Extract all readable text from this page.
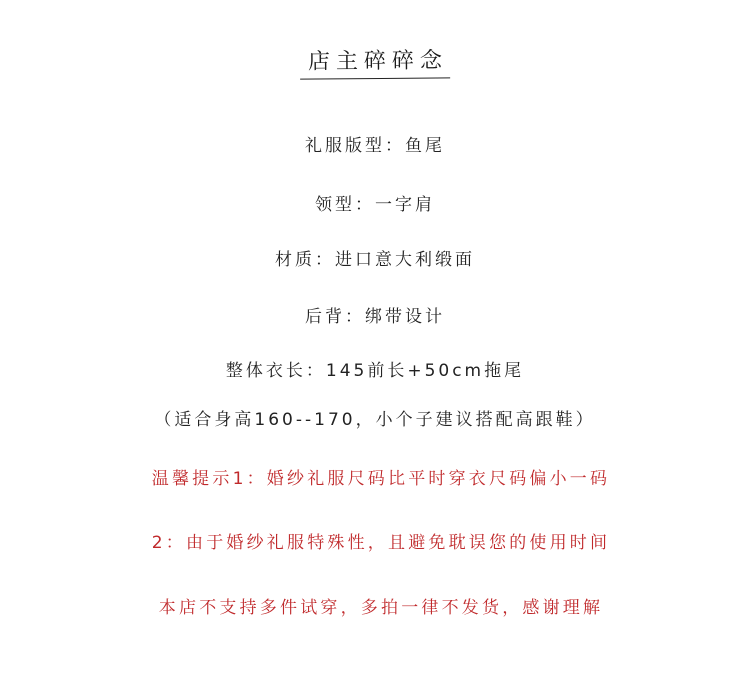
店主碎碎念
礼服版型：鱼尾
领型：一字肩
材质：进口意大利缎面
后背：绑带设计
整体衣长：145前长+50cm拖尾
（适合身高160--170，小个子建议搭配高跟鞋）
温馨提示1：婚纱礼服尺码比平时穿衣尺码偏小一码
2：由于婚纱礼服特殊性，且避免耽误您的使用时间
本店不支持多件试穿，多拍一律不发货，感谢理解
